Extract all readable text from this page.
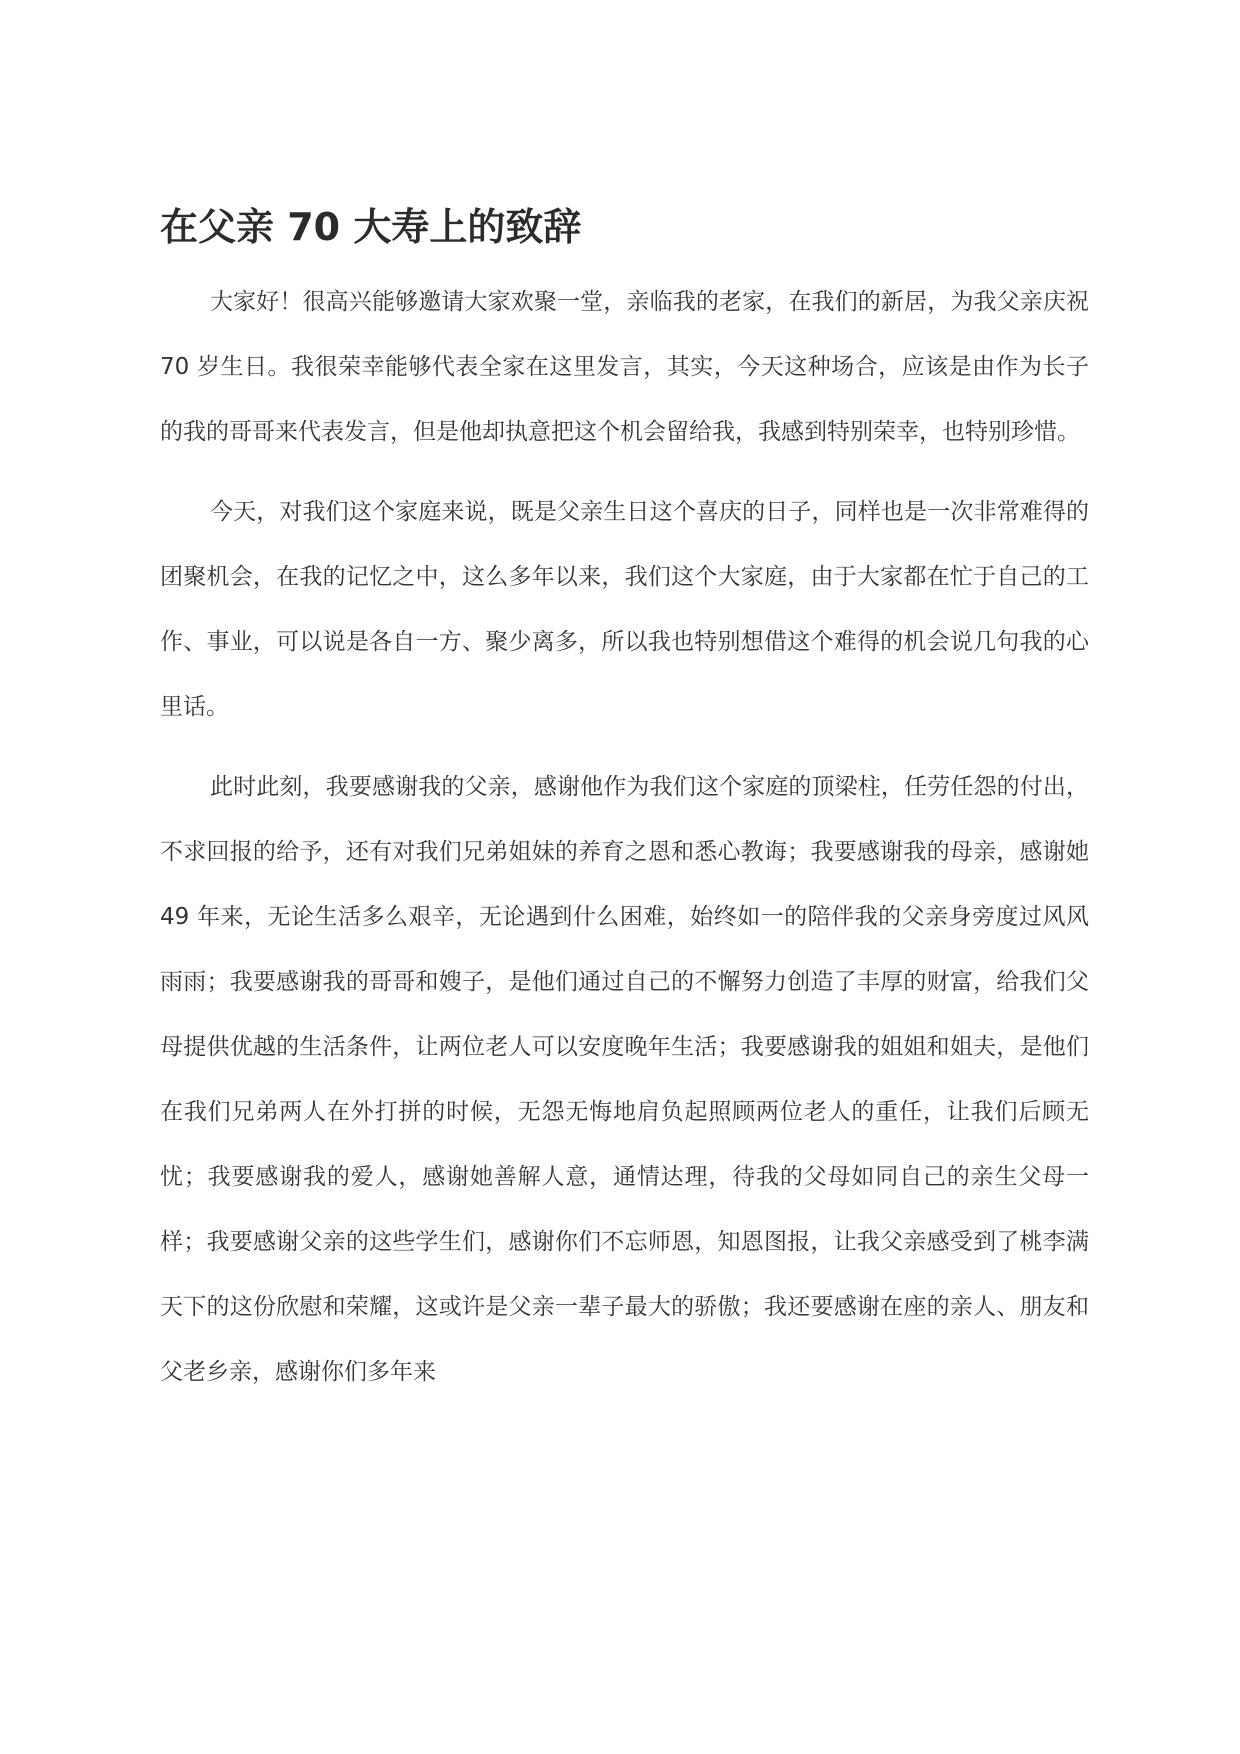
在父亲 70 大寿上的致辞

大家好！很高兴能够邀请大家欢聚一堂，亲临我的老家，在我们的新居，为我父亲庆祝 70 岁生日。我很荣幸能够代表全家在这里发言，其实，今天这种场合，应该是由作为长子的我的哥哥来代表发言，但是他却执意把这个机会留给我，我感到特别荣幸，也特别珍惜。

今天，对我们这个家庭来说，既是父亲生日这个喜庆的日子，同样也是一次非常难得的团聚机会，在我的记忆之中，这么多年以来，我们这个大家庭，由于大家都在忙于自己的工作、事业，可以说是各自一方、聚少离多，所以我也特别想借这个难得的机会说几句我的心里话。

此时此刻，我要感谢我的父亲，感谢他作为我们这个家庭的顶梁柱，任劳任怨的付出，不求回报的给予，还有对我们兄弟姐妹的养育之恩和悉心教诲；我要感谢我的母亲，感谢她 49 年来，无论生活多么艰辛，无论遇到什么困难，始终如一的陪伴我的父亲身旁度过风风雨雨；我要感谢我的哥哥和嫂子，是他们通过自己的不懈努力创造了丰厚的财富，给我们父母提供优越的生活条件，让两位老人可以安度晚年生活；我要感谢我的姐姐和姐夫，是他们在我们兄弟两人在外打拼的时候，无怨无悔地肩负起照顾两位老人的重任，让我们后顾无忧；我要感谢我的爱人，感谢她善解人意，通情达理，待我的父母如同自己的亲生父母一样；我要感谢父亲的这些学生们，感谢你们不忘师恩，知恩图报，让我父亲感受到了桃李满天下的这份欣慰和荣耀，这或许是父亲一辈子最大的骄傲；我还要感谢在座的亲人、朋友和父老乡亲，感谢你们多年来
